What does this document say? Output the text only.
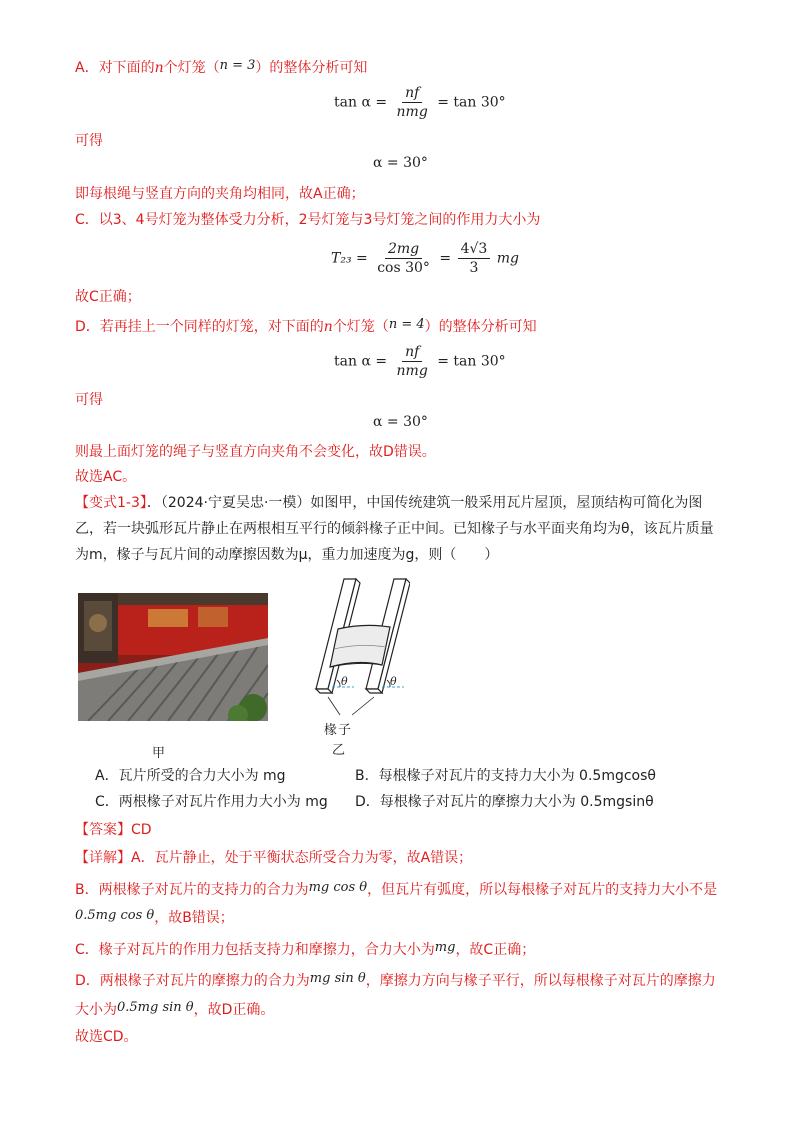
A．对下面的n个灯笼（n = 3）的整体分析可知
$\tan \alpha = \frac{nf}{\text{nmg}} = \tan 30^\circ$
可得
α = 30°
即每根绳与竖直方向的夹角均相同，故A正确；
C．以3、4号灯笼为整体受力分析，2号灯笼与3号灯笼之间的作用力大小为
$T_{23} = \frac{2mg}{\cos 30^\circ} = \frac{4√3}{3}$ mg
故C正确；
D．若再挂上一个同样的灯笼，对下面的n个灯笼（n = 4）的整体分析可知
$\tan \alpha = \frac{nf}{\text{nmg}} = \tan 30^\circ$
可得
α = 30°
则最上面灯笼的绳子与竖直方向夹角不会变化，故D错误。
故选AC。
【变式1-3】．（2024·宁夏吴忠·一模）如图甲，中国传统建筑一般采用瓦片屋顶，屋顶结构可简化为图
乙，若一块弧形瓦片静止在两根相互平行的倾斜椽子正中间。已知椽子与水平面夹角均为θ，该瓦片质量
为m，椽子与瓦片间的动摩擦因数为μ，重力加速度为g，则（　　）
甲
θ	θ
椽子
乙
A．瓦片所受的合力大小为 mg	B．每根椽子对瓦片的支持力大小为 0.5mgcosθ
C．两根椽子对瓦片作用力大小为 mg D．每根椽子对瓦片的摩擦力大小为 0.5mgsinθ
【答案】CD
【详解】A．瓦片静止，处于平衡状态所受合力为零，故A错误；
B．两根椽子对瓦片的支持力的合力为mg cos θ，但瓦片有弧度，所以每根椽子对瓦片的支持力大小不是
0.5mg cos θ，故B错误；
C．椽子对瓦片的作用力包括支持力和摩擦力，合力大小为mg，故C正确；
D．两根椽子对瓦片的摩擦力的合力为mg sin θ，摩擦力方向与椽子平行，所以每根椽子对瓦片的摩擦力
大小为0.5mg sin θ，故D正确。
故选CD。
